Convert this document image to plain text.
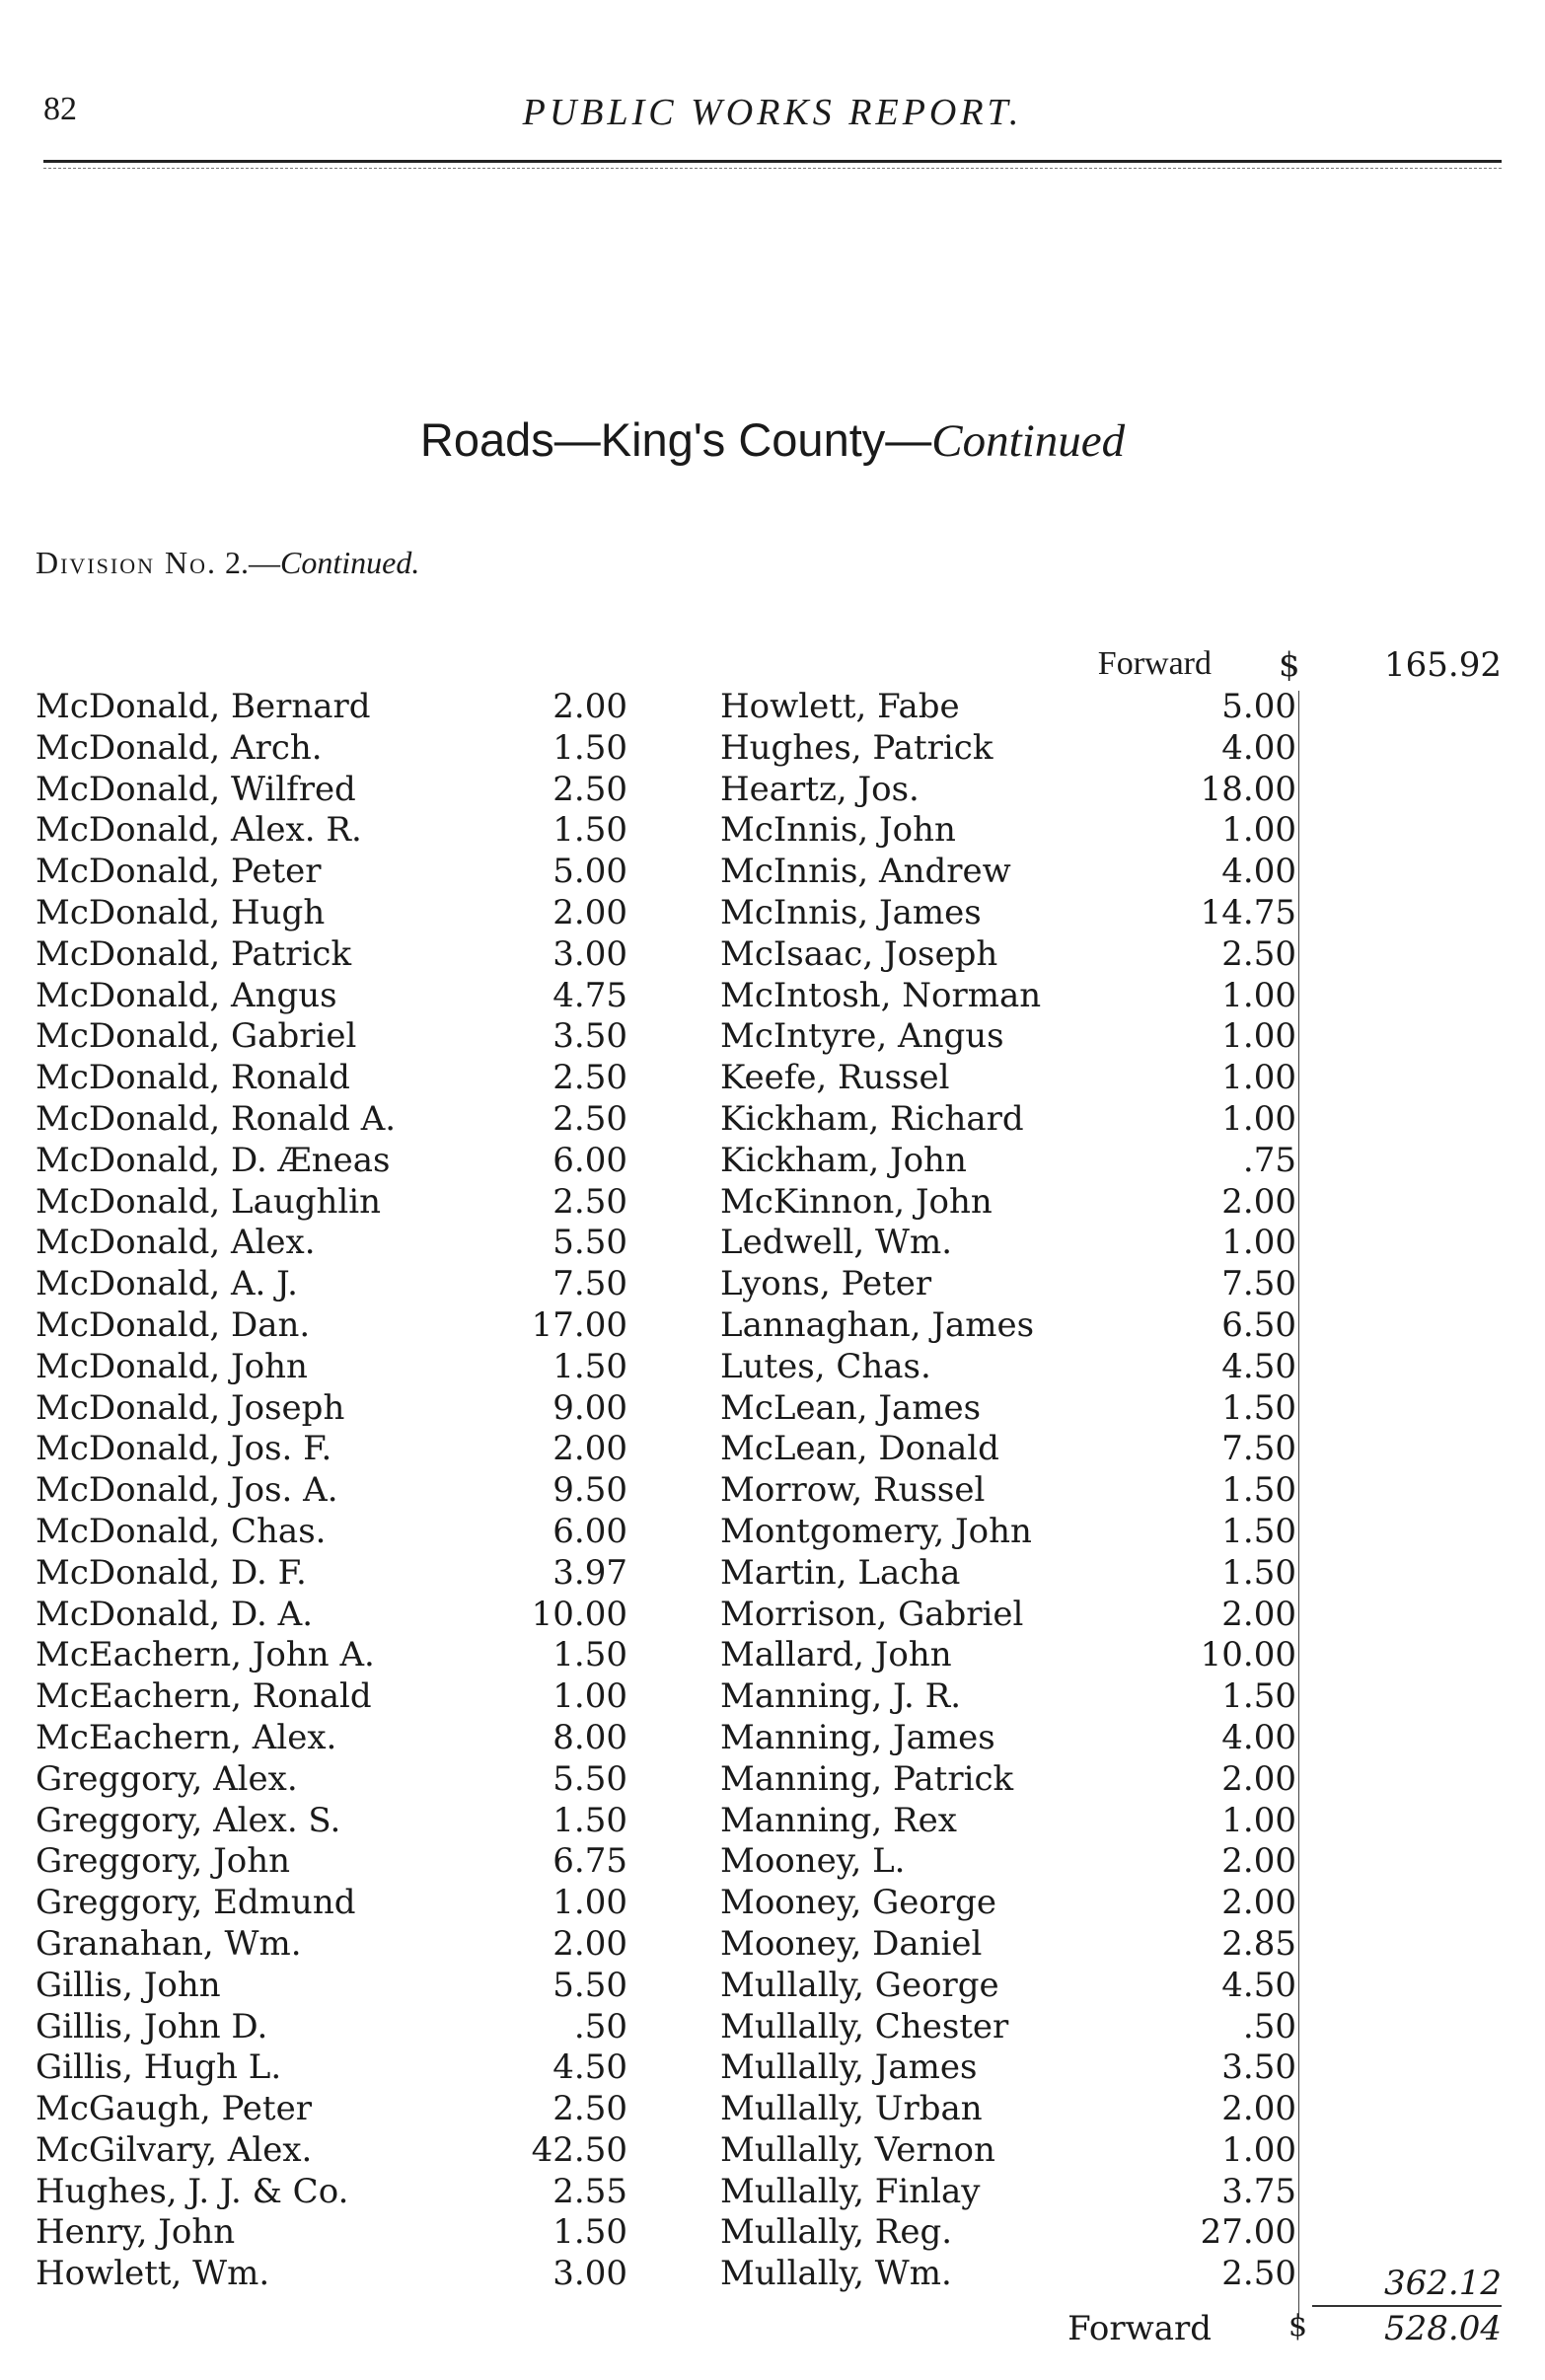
82	PUBLIC WORKS REPORT.
Roads—King's County—Continued
Division No. 2.—Continued.
Forward $	165.92
McDonald, Bernard	2.00
McDonald, Arch.	1.50
McDonald, Wilfred	2.50
McDonald, Alex. R.	1.50
McDonald, Peter	5.00
McDonald, Hugh	2.00
McDonald, Patrick	3.00
McDonald, Angus	4.75
McDonald, Gabriel	3.50
McDonald, Ronald	2.50
McDonald, Ronald A.	2.50
McDonald, D. Æneas	6.00
McDonald, Laughlin	2.50
McDonald, Alex.	5.50
McDonald, A. J.	7.50
McDonald, Dan.	17.00
McDonald, John	1.50
McDonald, Joseph	9.00
McDonald, Jos. F.	2.00
McDonald, Jos. A.	9.50
McDonald, Chas.	6.00
McDonald, D. F.	3.97
McDonald, D. A.	10.00
McEachern, John A.	1.50
McEachern, Ronald	1.00
McEachern, Alex.	8.00
Greggory, Alex.	5.50
Greggory, Alex. S.	1.50
Greggory, John	6.75
Greggory, Edmund	1.00
Granahan, Wm.	2.00
Gillis, John	5.50
Gillis, John D.	.50
Gillis, Hugh L.	4.50
McGaugh, Peter	2.50
McGilvary, Alex.	42.50
Hughes, J. J. & Co.	2.55
Henry, John	1.50
Howlett, Wm.	3.00
Howlett, Fabe	5.00
Hughes, Patrick	4.00
Heartz, Jos.	18.00
McInnis, John	1.00
McInnis, Andrew	4.00
McInnis, James	14.75
McIsaac, Joseph	2.50
McIntosh, Norman	1.00
McIntyre, Angus	1.00
Keefe, Russel	1.00
Kickham, Richard	1.00
Kickham, John	.75
McKinnon, John	2.00
Ledwell, Wm.	1.00
Lyons, Peter	7.50
Lannaghan, James	6.50
Lutes, Chas.	4.50
McLean, James	1.50
McLean, Donald	7.50
Morrow, Russel	1.50
Montgomery, John	1.50
Martin, Lacha	1.50
Morrison, Gabriel	2.00
Mallard, John	10.00
Manning, J. R.	1.50
Manning, James	4.00
Manning, Patrick	2.00
Manning, Rex	1.00
Mooney, L.	2.00
Mooney, George	2.00
Mooney, Daniel	2.85
Mullally, George	4.50
Mullally, Chester	.50
Mullally, James	3.50
Mullally, Urban	2.00
Mullally, Vernon	1.00
Mullally, Finlay	3.75
Mullally, Reg.	27.00
Mullally, Wm.	2.50	362.12
Forward	$	528.04
